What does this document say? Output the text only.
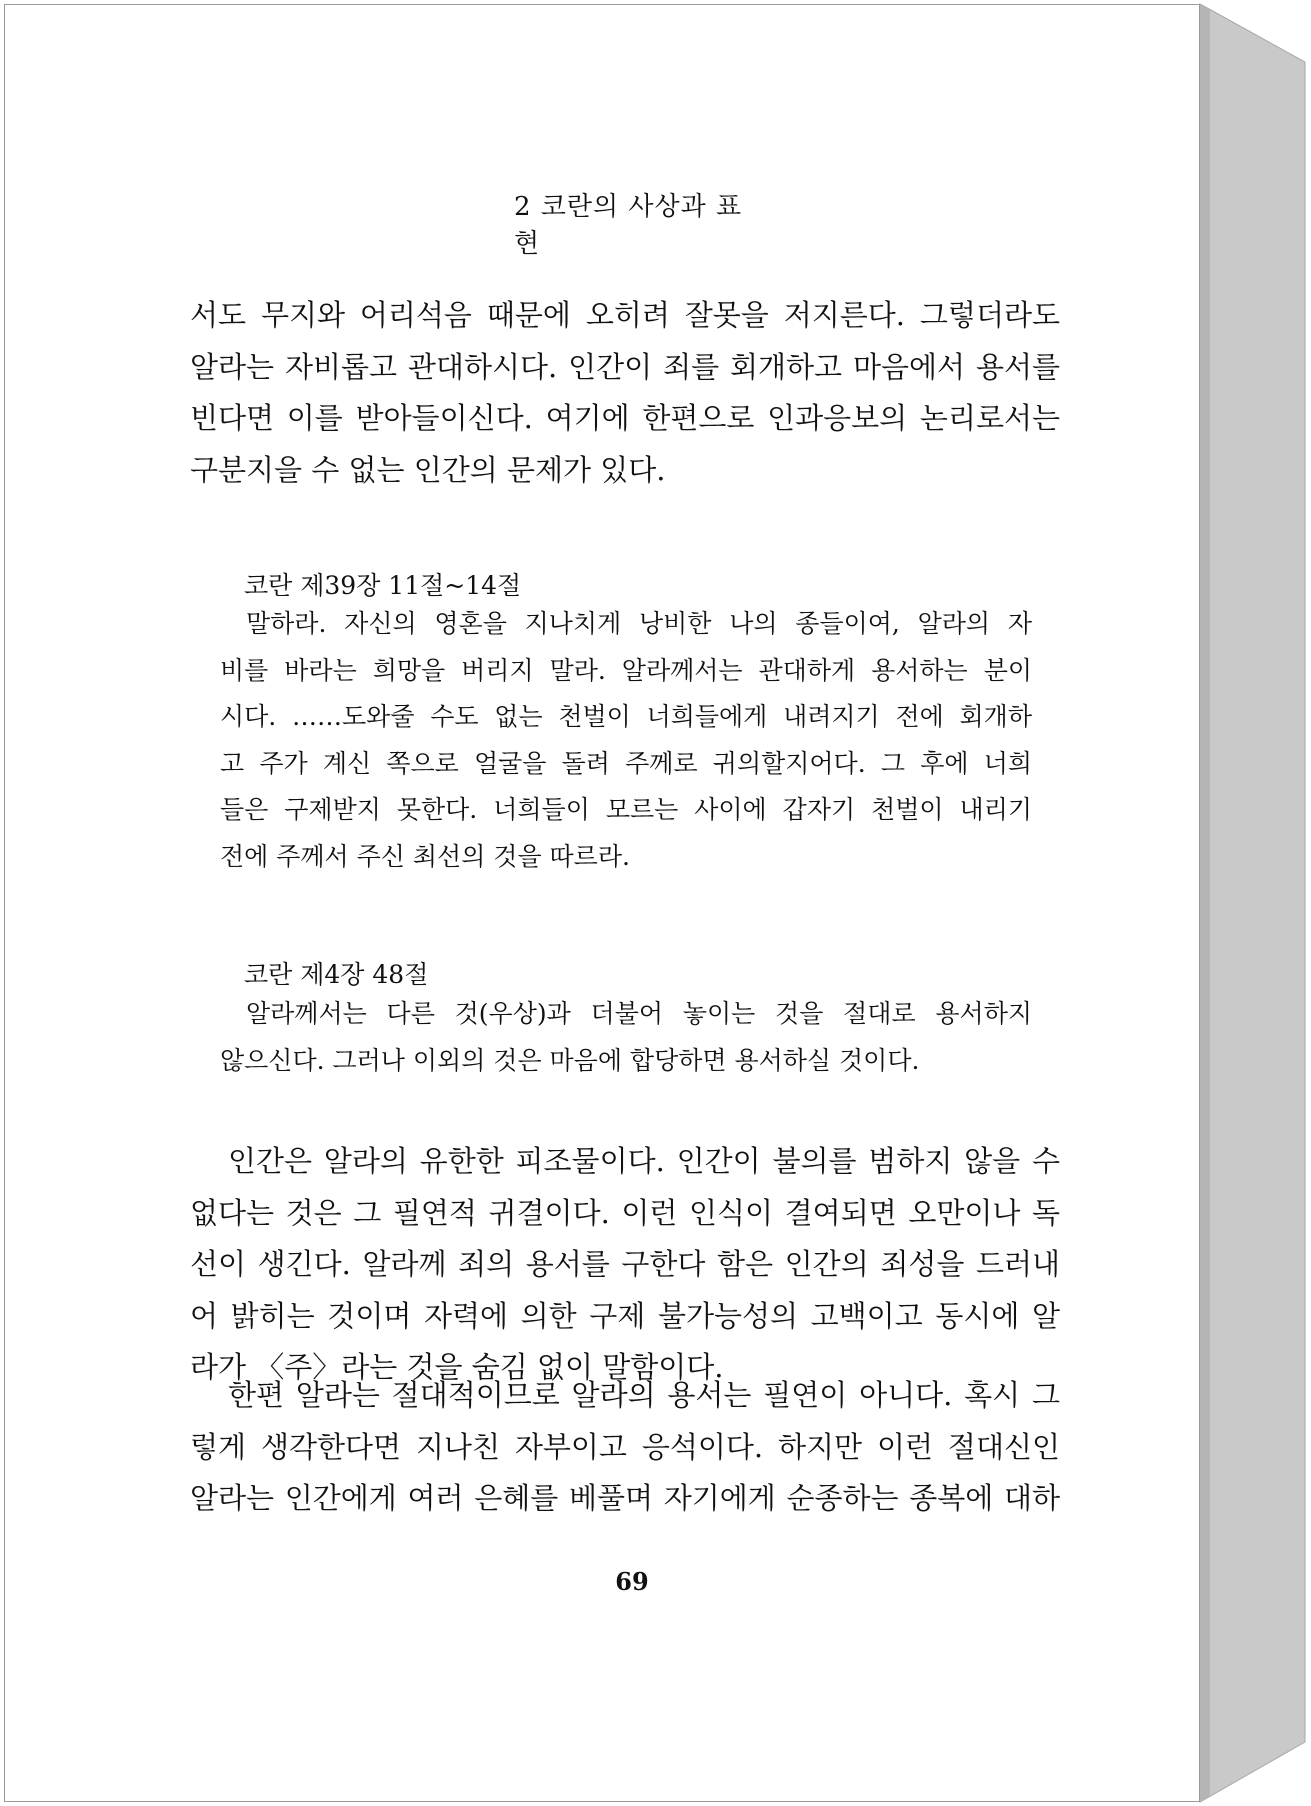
2 코란의 사상과 표현
서도 무지와 어리석음 때문에 오히려 잘못을 저지른다. 그렇더라도
알라는 자비롭고 관대하시다. 인간이 죄를 회개하고 마음에서 용서를
빈다면 이를 받아들이신다. 여기에 한편으로 인과응보의 논리로서는
구분지을 수 없는 인간의 문제가 있다.
코란 제39장 11절~14절
말하라. 자신의 영혼을 지나치게 낭비한 나의 종들이여, 알라의 자
비를 바라는 희망을 버리지 말라. 알라께서는 관대하게 용서하는 분이
시다. ……도와줄 수도 없는 천벌이 너희들에게 내려지기 전에 회개하
고 주가 계신 쪽으로 얼굴을 돌려 주께로 귀의할지어다. 그 후에 너희
들은 구제받지 못한다. 너희들이 모르는 사이에 갑자기 천벌이 내리기
전에 주께서 주신 최선의 것을 따르라.
코란 제4장 48절
알라께서는 다른 것(우상)과 더불어 놓이는 것을 절대로 용서하지
않으신다. 그러나 이외의 것은 마음에 합당하면 용서하실 것이다.
인간은 알라의 유한한 피조물이다. 인간이 불의를 범하지 않을 수
없다는 것은 그 필연적 귀결이다. 이런 인식이 결여되면 오만이나 독
선이 생긴다. 알라께 죄의 용서를 구한다 함은 인간의 죄성을 드러내
어 밝히는 것이며 자력에 의한 구제 불가능성의 고백이고 동시에 알
라가 〈주〉라는 것을 숨김 없이 말함이다.
한편 알라는 절대적이므로 알라의 용서는 필연이 아니다. 혹시 그
렇게 생각한다면 지나친 자부이고 응석이다. 하지만 이런 절대신인
알라는 인간에게 여러 은혜를 베풀며 자기에게 순종하는 종복에 대하
69
